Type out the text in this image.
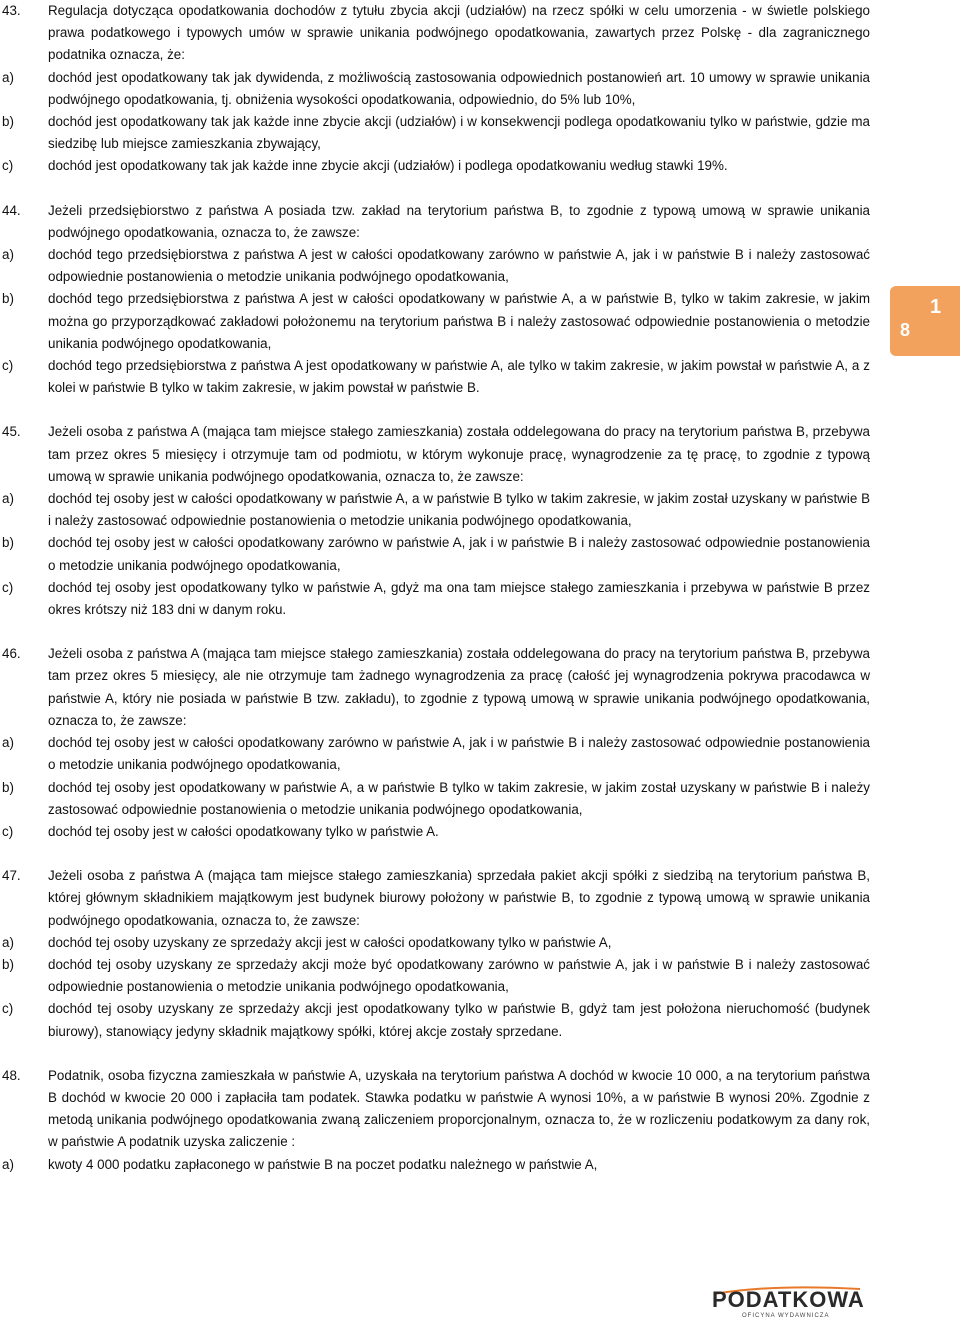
43.	Regulacja dotycząca opodatkowania dochodów z tytułu zbycia akcji (udziałów) na rzecz spółki w celu umorzenia - w świetle polskiego prawa podatkowego i typowych umów w sprawie unikania podwójnego opodatkowania, zawartych przez Polskę - dla zagranicznego podatnika oznacza, że:
a)	dochód jest opodatkowany tak jak dywidenda, z możliwością zastosowania odpowiednich postanowień art. 10 umowy w sprawie unikania podwójnego opodatkowania, tj. obniżenia wysokości opodatkowania, odpowiednio, do 5% lub 10%,
b)	dochód jest opodatkowany tak jak każde inne zbycie akcji (udziałów) i w konsekwencji podlega opodatkowaniu tylko w państwie, gdzie ma siedzibę lub miejsce zamieszkania zbywający,
c)	dochód jest opodatkowany tak jak każde inne zbycie akcji (udziałów) i podlega opodatkowaniu według stawki 19%.
44.	Jeżeli przedsiębiorstwo z państwa A posiada tzw. zakład na terytorium państwa B, to zgodnie z typową umową w sprawie unikania podwójnego opodatkowania, oznacza to, że zawsze:
a)	dochód tego przedsiębiorstwa z państwa A jest w całości opodatkowany zarówno w państwie A, jak i w państwie B i należy zastosować odpowiednie postanowienia o metodzie unikania podwójnego opodatkowania,
b)	dochód tego przedsiębiorstwa z państwa A jest w całości opodatkowany w państwie A, a w państwie B, tylko w takim zakresie, w jakim można go przyporządkować zakładowi położonemu na terytorium państwa B i należy zastosować odpowiednie postanowienia o metodzie unikania podwójnego opodatkowania,
c)	dochód tego przedsiębiorstwa z państwa A jest opodatkowany w państwie A, ale tylko w takim zakresie, w jakim powstał w państwie A, a z kolei w państwie B tylko w takim zakresie, w jakim powstał w państwie B.
45.	Jeżeli osoba z państwa A (mająca tam miejsce stałego zamieszkania) została oddelegowana do pracy na terytorium państwa B, przebywa tam przez okres 5 miesięcy i otrzymuje tam od podmiotu, w którym wykonuje pracę, wynagrodzenie za tę pracę, to zgodnie z typową umową w sprawie unikania podwójnego opodatkowania, oznacza to, że zawsze:
a)	dochód tej osoby jest w całości opodatkowany w państwie A, a w państwie B tylko w takim zakresie, w jakim został uzyskany w państwie B i należy zastosować odpowiednie postanowienia o metodzie unikania podwójnego opodatkowania,
b)	dochód tej osoby jest w całości opodatkowany zarówno w państwie A, jak i w państwie B i należy zastosować odpowiednie postanowienia o metodzie unikania podwójnego opodatkowania,
c)	dochód tej osoby jest opodatkowany tylko w państwie A, gdyż ma ona tam miejsce stałego zamieszkania i przebywa w państwie B przez okres krótszy niż 183 dni w danym roku.
46.	Jeżeli osoba z państwa A (mająca tam miejsce stałego zamieszkania) została oddelegowana do pracy na terytorium państwa B, przebywa tam przez okres 5 miesięcy, ale nie otrzymuje tam żadnego wynagrodzenia za pracę (całość jej wynagrodzenia pokrywa pracodawca w państwie A, który nie posiada w państwie B tzw. zakładu), to zgodnie z typową umową w sprawie unikania podwójnego opodatkowania, oznacza to, że zawsze:
a)	dochód tej osoby jest w całości opodatkowany zarówno w państwie A, jak i w państwie B i należy zastosować odpowiednie postanowienia o metodzie unikania podwójnego opodatkowania,
b)	dochód tej osoby jest opodatkowany w państwie A, a w państwie B tylko w takim zakresie, w jakim został uzyskany w państwie B i należy zastosować odpowiednie postanowienia o metodzie unikania podwójnego opodatkowania,
c)	dochód tej osoby jest w całości opodatkowany tylko w państwie A.
47.	Jeżeli osoba z państwa A (mająca tam miejsce stałego zamieszkania) sprzedała pakiet akcji spółki z siedzibą na terytorium państwa B, której głównym składnikiem majątkowym jest budynek biurowy położony w państwie B, to zgodnie z typową umową w sprawie unikania podwójnego opodatkowania, oznacza to, że zawsze:
a)	dochód tej osoby uzyskany ze sprzedaży akcji jest w całości opodatkowany tylko w państwie A,
b)	dochód tej osoby uzyskany ze sprzedaży akcji może być opodatkowany zarówno w państwie A, jak i w państwie B i należy zastosować odpowiednie postanowienia o metodzie unikania podwójnego opodatkowania,
c)	dochód tej osoby uzyskany ze sprzedaży akcji jest opodatkowany tylko w państwie B, gdyż tam jest położona nieruchomość (budynek biurowy), stanowiący jedyny składnik majątkowy spółki, której akcje zostały sprzedane.
48.	Podatnik, osoba fizyczna zamieszkała w państwie A, uzyskała na terytorium państwa A dochód w kwocie 10 000, a na terytorium państwa B dochód w kwocie 20 000 i zapłaciła tam podatek. Stawka podatku w państwie A wynosi 10%, a w państwie B wynosi 20%. Zgodnie z metodą unikania podwójnego opodatkowania zwaną zaliczeniem proporcjonalnym, oznacza to, że w rozliczeniu podatkowym za dany rok, w państwie A podatnik uzyska zaliczenie :
a)	kwoty 4 000 podatku zapłaconego w państwie B na poczet podatku należnego w państwie A,
1
8
PODATKOWA
OFICYNA WYDAWNICZA
